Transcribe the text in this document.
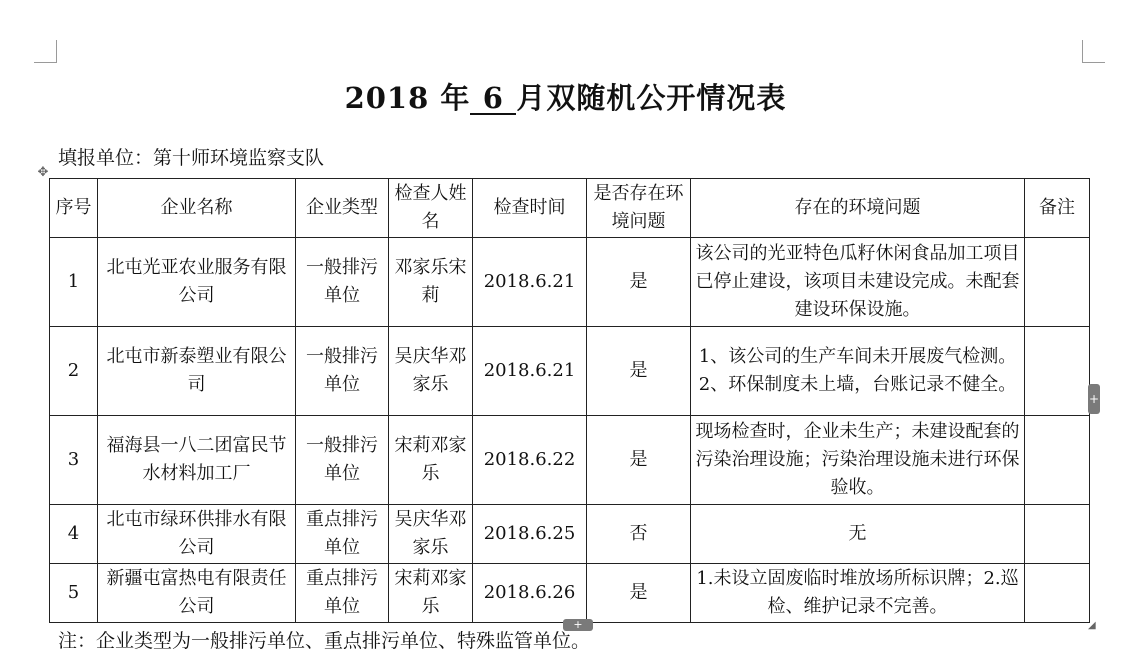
2018 年 6 月双随机公开情况表
填报单位：第十师环境监察支队
✥
序号	企业名称	企业类型	检查人姓名	检查时间	是否存在环境问题	存在的环境问题	备注
1	北屯光亚农业服务有限公司	一般排污单位	邓家乐宋莉	2018.6.21	是	该公司的光亚特色瓜籽休闲食品加工项目已停止建设，该项目未建设完成。未配套建设环保设施。	
2	北屯市新泰塑业有限公司	一般排污单位	吴庆华邓家乐	2018.6.21	是	1、该公司的生产车间未开展废气检测。2、环保制度未上墙，台账记录不健全。	
3	福海县一八二团富民节水材料加工厂	一般排污单位	宋莉邓家乐	2018.6.22	是	现场检查时，企业未生产；未建设配套的污染治理设施；污染治理设施未进行环保验收。	
4	北屯市绿环供排水有限公司	重点排污单位	吴庆华邓家乐	2018.6.25	否	无	
5	新疆屯富热电有限责任公司	重点排污单位	宋莉邓家乐	2018.6.26	是	1.未设立固废临时堆放场所标识牌；2.巡检、维护记录不完善。	
+
+	◢
注：企业类型为一般排污单位、重点排污单位、特殊监管单位。
